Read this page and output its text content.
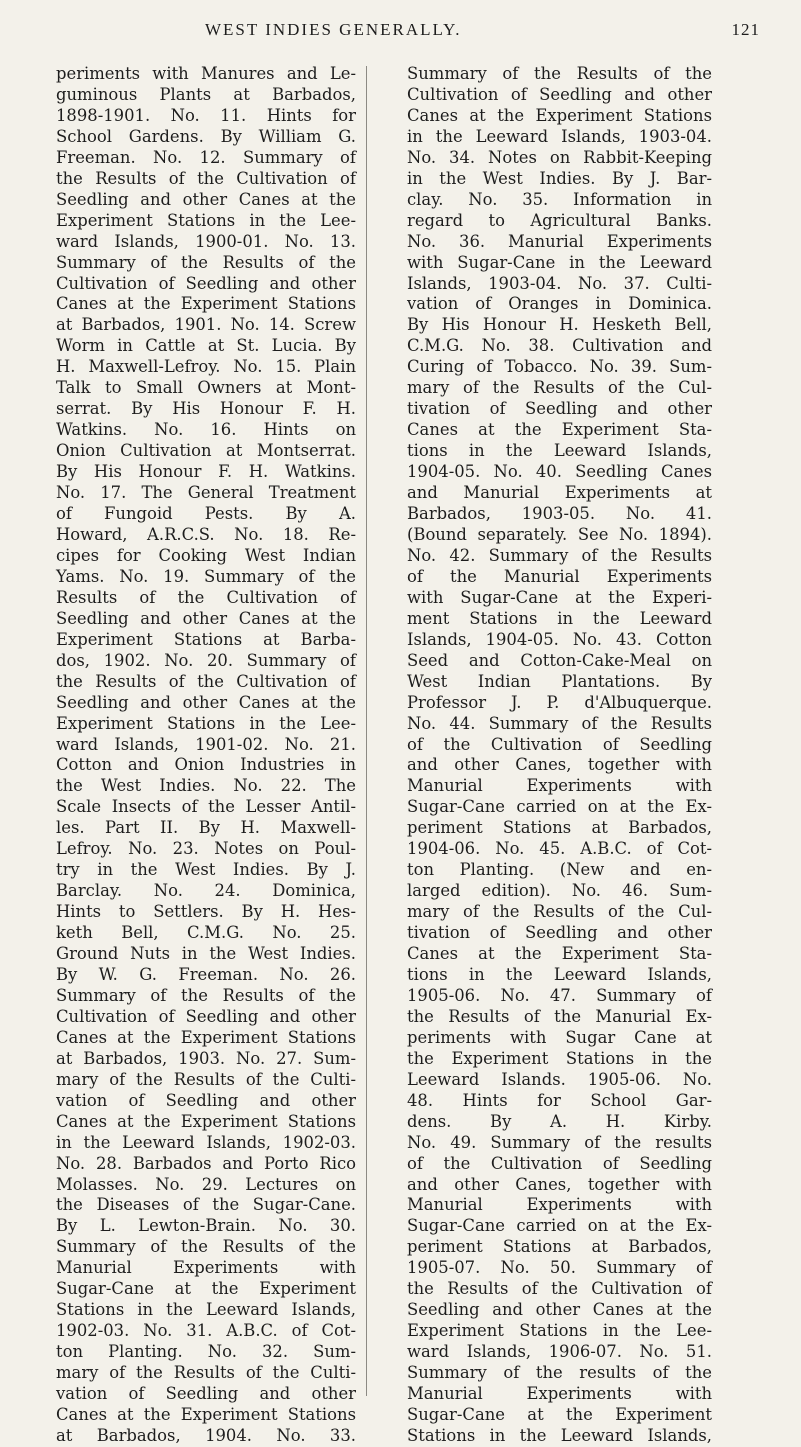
WEST INDIES GENERALLY.	121
periments with Manures and Le-
guminous Plants at Barbados,
1898-1901. No. 11. Hints for
School Gardens. By William G.
Freeman. No. 12. Summary of
the Results of the Cultivation of
Seedling and other Canes at the
Experiment Stations in the Lee-
ward Islands, 1900-01. No. 13.
Summary of the Results of the
Cultivation of Seedling and other
Canes at the Experiment Stations
at Barbados, 1901. No. 14. Screw
Worm in Cattle at St. Lucia. By
H. Maxwell-Lefroy. No. 15. Plain
Talk to Small Owners at Mont-
serrat. By His Honour F. H.
Watkins. No. 16. Hints on
Onion Cultivation at Montserrat.
By His Honour F. H. Watkins.
No. 17. The General Treatment
of Fungoid Pests. By A.
Howard, A.R.C.S. No. 18. Re-
cipes for Cooking West Indian
Yams. No. 19. Summary of the
Results of the Cultivation of
Seedling and other Canes at the
Experiment Stations at Barba-
dos, 1902. No. 20. Summary of
the Results of the Cultivation of
Seedling and other Canes at the
Experiment Stations in the Lee-
ward Islands, 1901-02. No. 21.
Cotton and Onion Industries in
the West Indies. No. 22. The
Scale Insects of the Lesser Antil-
les. Part II. By H. Maxwell-
Lefroy. No. 23. Notes on Poul-
try in the West Indies. By J.
Barclay. No. 24. Dominica,
Hints to Settlers. By H. Hes-
keth Bell, C.M.G. No. 25.
Ground Nuts in the West Indies.
By W. G. Freeman. No. 26.
Summary of the Results of the
Cultivation of Seedling and other
Canes at the Experiment Stations
at Barbados, 1903. No. 27. Sum-
mary of the Results of the Culti-
vation of Seedling and other
Canes at the Experiment Stations
in the Leeward Islands, 1902-03.
No. 28. Barbados and Porto Rico
Molasses. No. 29. Lectures on
the Diseases of the Sugar-Cane.
By L. Lewton-Brain. No. 30.
Summary of the Results of the
Manurial Experiments with
Sugar-Cane at the Experiment
Stations in the Leeward Islands,
1902-03. No. 31. A.B.C. of Cot-
ton Planting. No. 32. Sum-
mary of the Results of the Culti-
vation of Seedling and other
Canes at the Experiment Stations
at Barbados, 1904. No. 33.
Summary of the Results of the
Cultivation of Seedling and other
Canes at the Experiment Stations
in the Leeward Islands, 1903-04.
No. 34. Notes on Rabbit-Keeping
in the West Indies. By J. Bar-
clay. No. 35. Information in
regard to Agricultural Banks.
No. 36. Manurial Experiments
with Sugar-Cane in the Leeward
Islands, 1903-04. No. 37. Culti-
vation of Oranges in Dominica.
By His Honour H. Hesketh Bell,
C.M.G. No. 38. Cultivation and
Curing of Tobacco. No. 39. Sum-
mary of the Results of the Cul-
tivation of Seedling and other
Canes at the Experiment Sta-
tions in the Leeward Islands,
1904-05. No. 40. Seedling Canes
and Manurial Experiments at
Barbados, 1903-05. No. 41.
(Bound separately. See No. 1894).
No. 42. Summary of the Results
of the Manurial Experiments
with Sugar-Cane at the Experi-
ment Stations in the Leeward
Islands, 1904-05. No. 43. Cotton
Seed and Cotton-Cake-Meal on
West Indian Plantations. By
Professor J. P. d'Albuquerque.
No. 44. Summary of the Results
of the Cultivation of Seedling
and other Canes, together with
Manurial Experiments with
Sugar-Cane carried on at the Ex-
periment Stations at Barbados,
1904-06. No. 45. A.B.C. of Cot-
ton Planting. (New and en-
larged edition). No. 46. Sum-
mary of the Results of the Cul-
tivation of Seedling and other
Canes at the Experiment Sta-
tions in the Leeward Islands,
1905-06. No. 47. Summary of
the Results of the Manurial Ex-
periments with Sugar Cane at
the Experiment Stations in the
Leeward Islands. 1905-06. No.
48. Hints for School Gar-
dens. By A. H. Kirby.
No. 49. Summary of the results
of the Cultivation of Seedling
and other Canes, together with
Manurial Experiments with
Sugar-Cane carried on at the Ex-
periment Stations at Barbados,
1905-07. No. 50. Summary of
the Results of the Cultivation of
Seedling and other Canes at the
Experiment Stations in the Lee-
ward Islands, 1906-07. No. 51.
Summary of the results of the
Manurial Experiments with
Sugar-Cane at the Experiment
Stations in the Leeward Islands,
